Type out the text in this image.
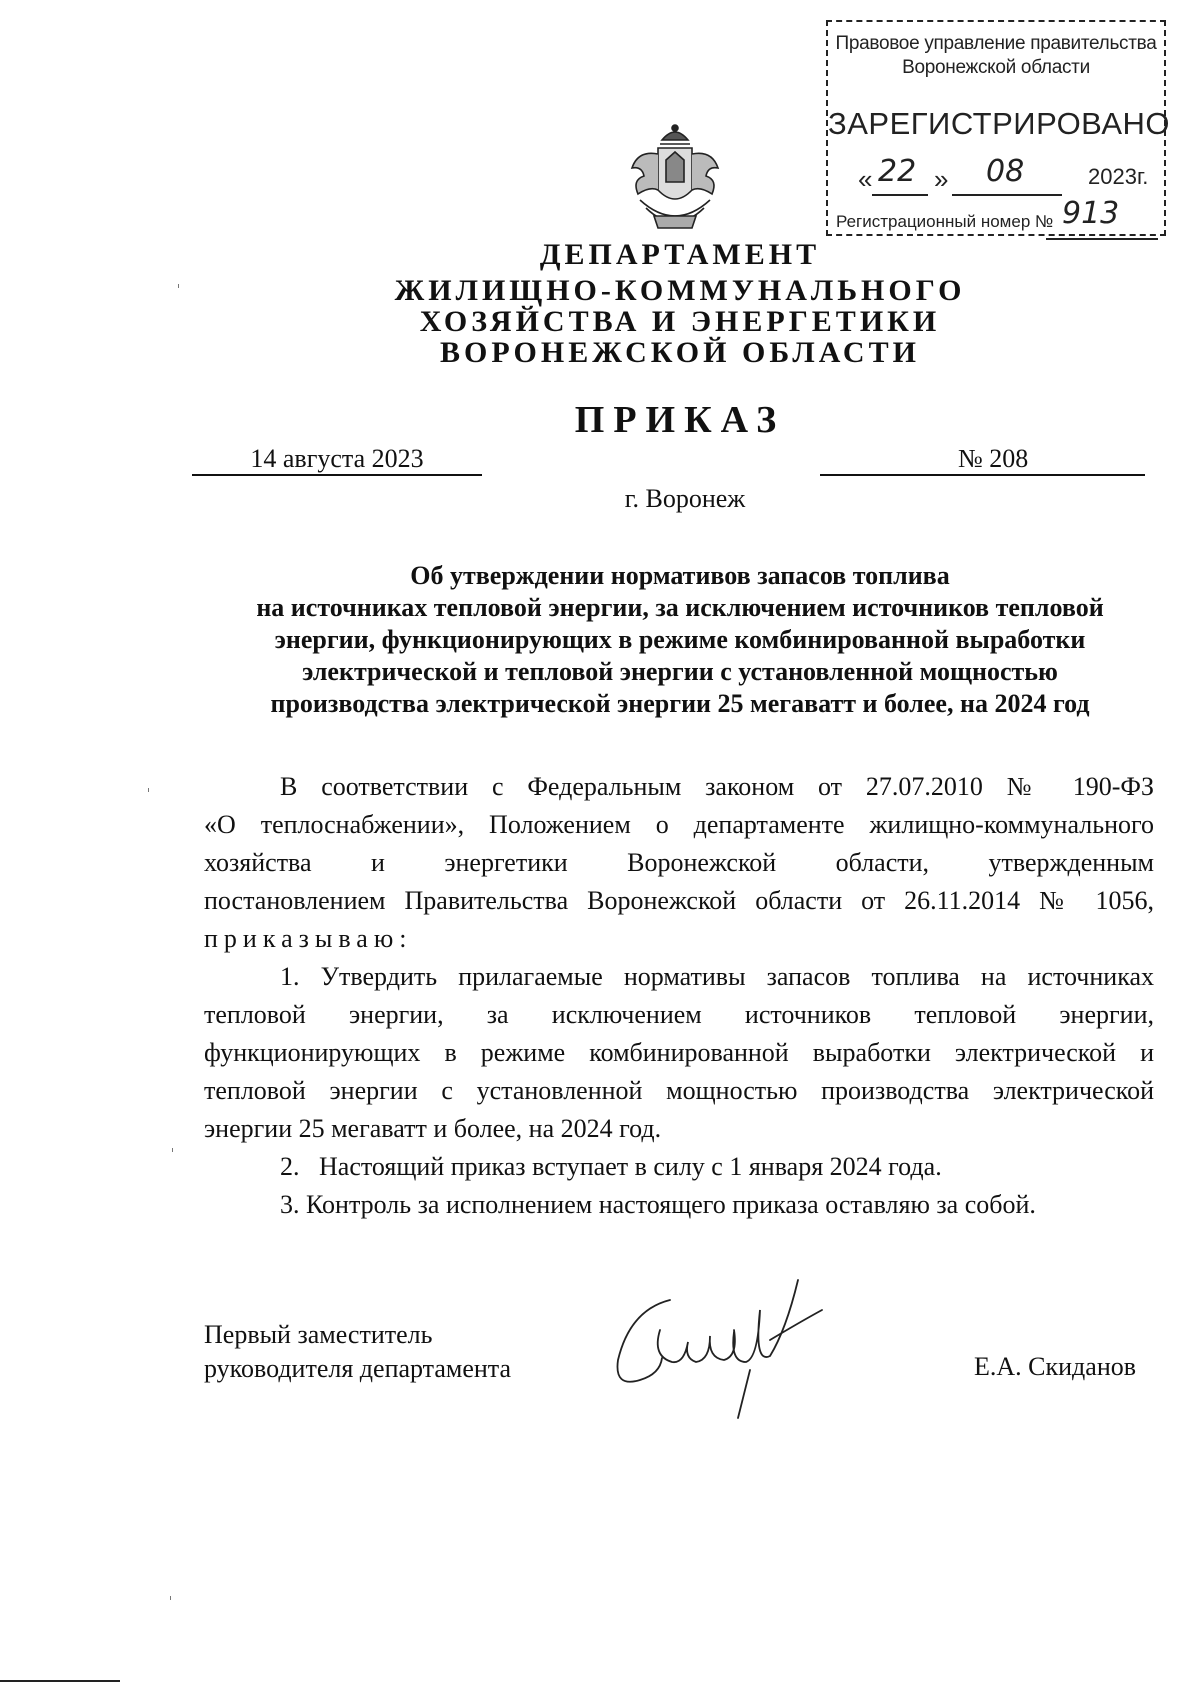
Правовое управление правительства
Воронежской области
ЗАРЕГИСТРИРОВАНО
« 22 » 08	2023г.
Регистрационный номер № 913
ДЕПАРТАМЕНТ
ЖИЛИЩНО-КОММУНАЛЬНОГО
ХОЗЯЙСТВА И ЭНЕРГЕТИКИ
ВОРОНЕЖСКОЙ ОБЛАСТИ
ПРИКАЗ
14 августа 2023	№ 208
г. Воронеж
Об утверждении нормативов запасов топлива
на источниках тепловой энергии, за исключением источников тепловой
энергии, функционирующих в режиме комбинированной выработки
электрической и тепловой энергии с установленной мощностью
производства электрической энергии 25 мегаватт и более, на 2024 год
В соответствии с Федеральным законом от 27.07.2010 № 190-ФЗ
«О теплоснабжении», Положением о департаменте жилищно-коммунального
хозяйства и энергетики Воронежской области, утвержденным
постановлением Правительства Воронежской области от 26.11.2014 № 1056,
приказываю:
1. Утвердить прилагаемые нормативы запасов топлива на источниках
тепловой энергии, за исключением источников тепловой энергии,
функционирующих в режиме комбинированной выработки электрической и
тепловой энергии с установленной мощностью производства электрической
энергии 25 мегаватт и более, на 2024 год.
2.   Настоящий приказ вступает в силу с 1 января 2024 года.
3. Контроль за исполнением настоящего приказа оставляю за собой.
Первый заместитель
руководителя департамента	Е.А. Скиданов
